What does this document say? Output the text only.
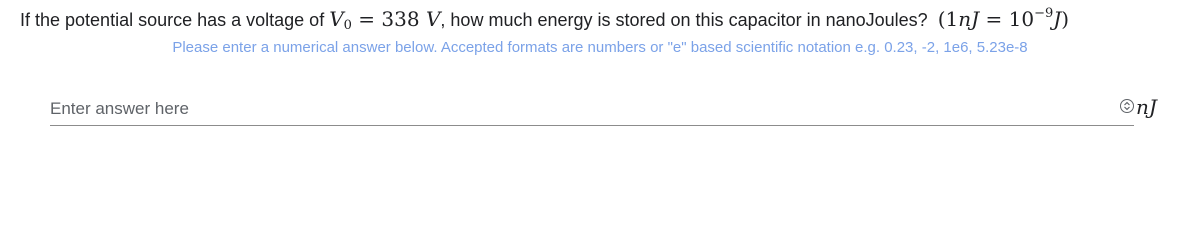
If the potential source has a voltage of $V_0 = 338$ V, how much energy is stored on this capacitor in nanoJoules? $(1nJ = 10^{-9}J)$
Please enter a numerical answer below. Accepted formats are numbers or "e" based scientific notation e.g. 0.23, -2, 1e6, 5.23e-8
Enter answer here
nJ
